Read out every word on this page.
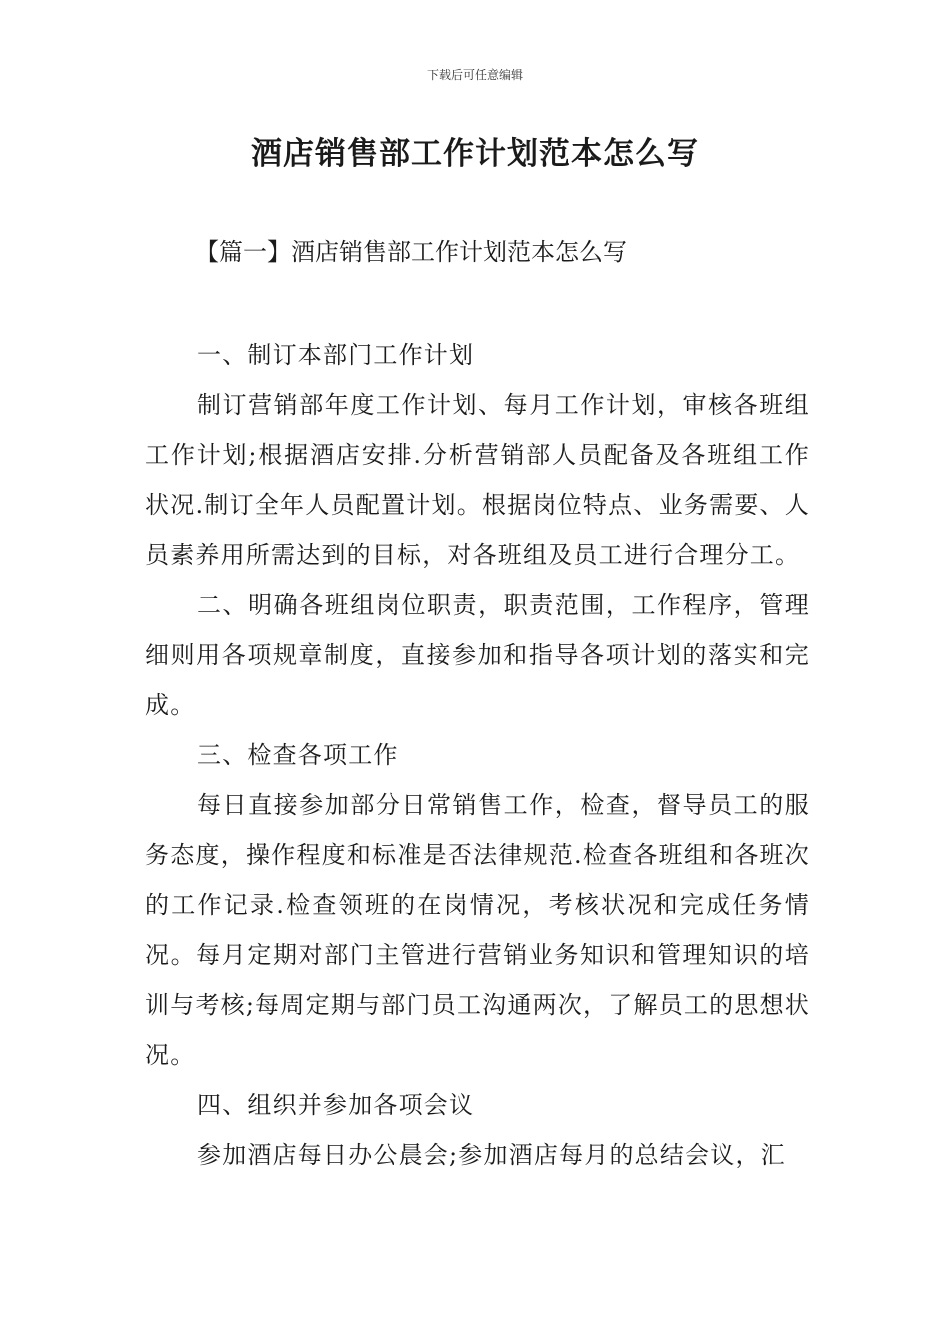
下载后可任意编辑
酒店销售部工作计划范本怎么写
【篇一】酒店销售部工作计划范本怎么写

一、制订本部门工作计划

制订营销部年度工作计划、每月工作计划，审核各班组工作计划;根据酒店安排.分析营销部人员配备及各班组工作状况.制订全年人员配置计划。根据岗位特点、业务需要、人员素养用所需达到的目标，对各班组及员工进行合理分工。

二、明确各班组岗位职责，职责范围，工作程序，管理细则用各项规章制度，直接参加和指导各项计划的落实和完成。

三、检查各项工作

每日直接参加部分日常销售工作，检查，督导员工的服务态度，操作程度和标准是否法律规范.检查各班组和各班次的工作记录.检查领班的在岗情况，考核状况和完成任务情况。每月定期对部门主管进行营销业务知识和管理知识的培训与考核;每周定期与部门员工沟通两次，了解员工的思想状况。

四、组织并参加各项会议

参加酒店每日办公晨会;参加酒店每月的总结会议，汇
